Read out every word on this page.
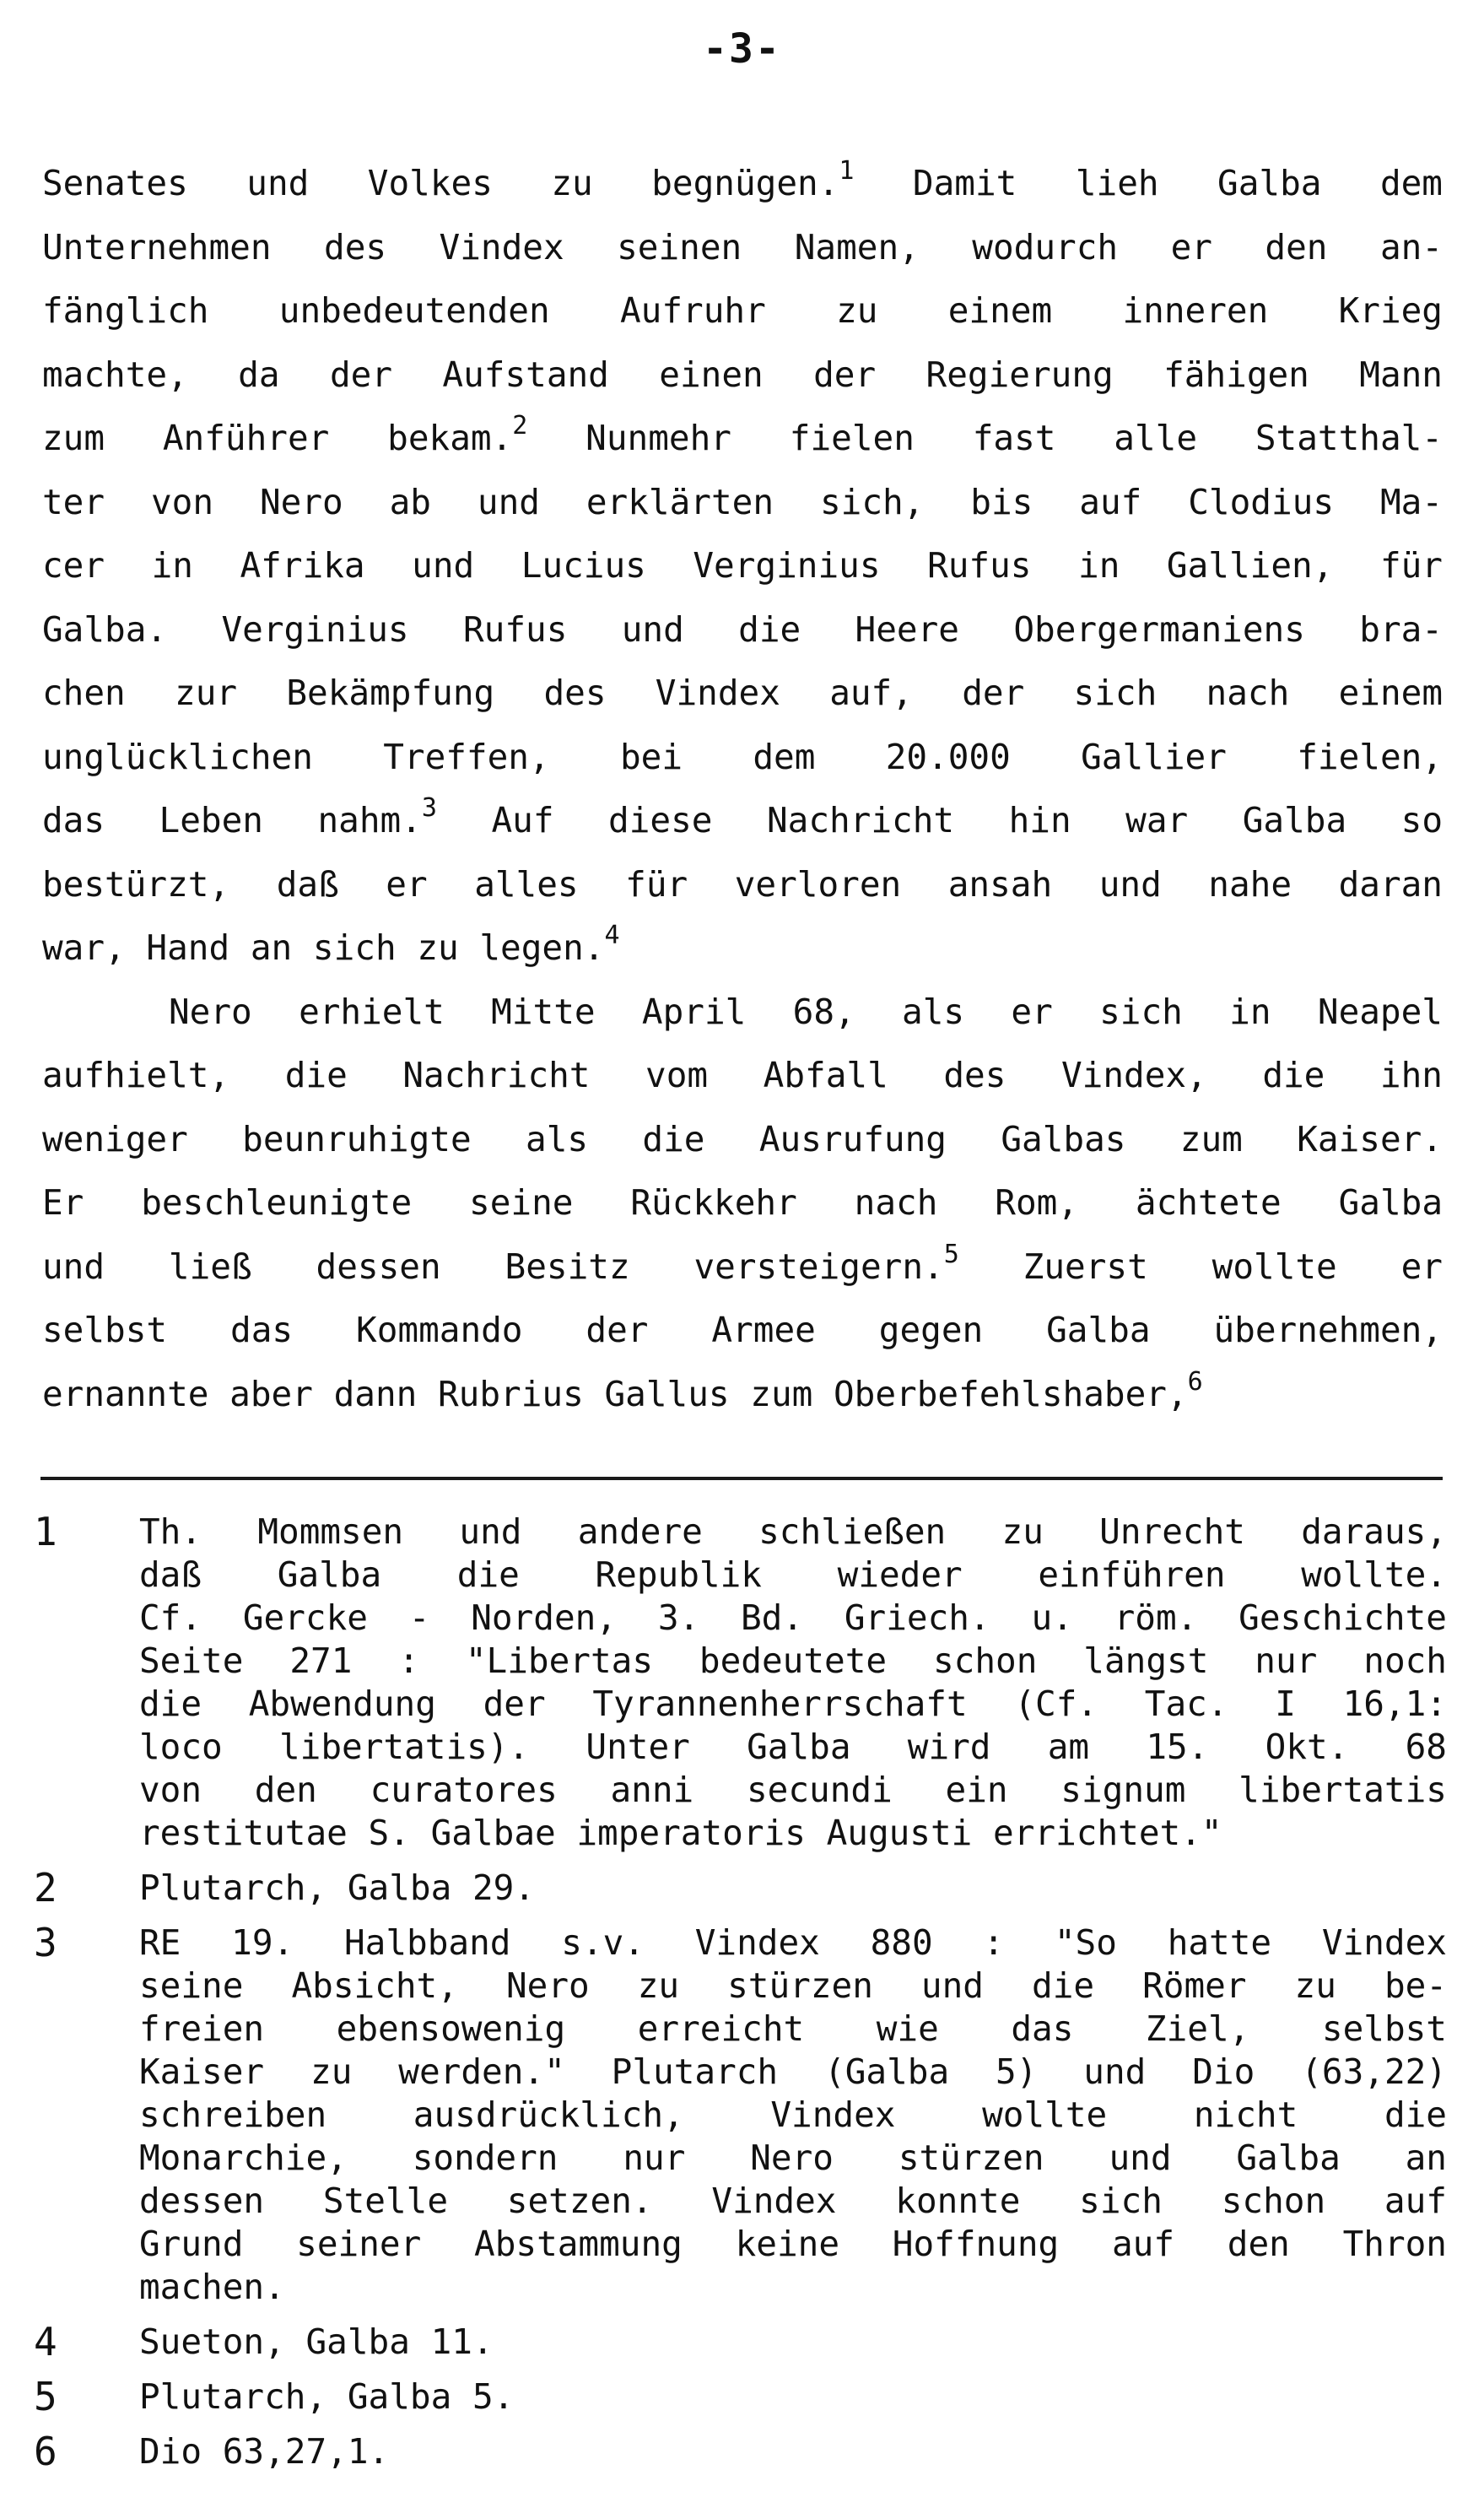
-3-
Senates und Volkes zu begnügen.$^1$ Damit lieh Galba dem
Unternehmen des Vindex seinen Namen, wodurch er den an-
fänglich unbedeutenden Aufruhr zu einem inneren Krieg
machte, da der Aufstand einen der Regierung fähigen Mann
zum Anführer bekam.$^2$ Nunmehr fielen fast alle Statthal-
ter von Nero ab und erklärten sich, bis auf Clodius Ma-
cer in Afrika und Lucius Verginius Rufus in Gallien, für
Galba. Verginius Rufus und die Heere Obergermaniens bra-
chen zur Bekämpfung des Vindex auf, der sich nach einem
unglücklichen Treffen, bei dem 20.000 Gallier fielen,
das Leben nahm.$^3$ Auf diese Nachricht hin war Galba so
bestürzt, daß er alles für verloren ansah und nahe daran
war, Hand an sich zu legen.$^4$
Nero erhielt Mitte April 68, als er sich in Neapel
aufhielt, die Nachricht vom Abfall des Vindex, die ihn
weniger beunruhigte als die Ausrufung Galbas zum Kaiser.
Er beschleunigte seine Rückkehr nach Rom, ächtete Galba
und ließ dessen Besitz versteigern.$^5$ Zuerst wollte er
selbst das Kommando der Armee gegen Galba übernehmen,
ernannte aber dann Rubrius Gallus zum Oberbefehlshaber,$^6$
1	Th. Mommsen und andere schließen zu Unrecht daraus,
daß Galba die Republik wieder einführen wollte.
Cf. Gercke - Norden, 3. Bd. Griech. u. röm. Geschichte
Seite 271 : "Libertas bedeutete schon längst nur noch
die Abwendung der Tyrannenherrschaft (Cf. Tac. I 16,1:
loco libertatis). Unter Galba wird am 15. Okt. 68
von den curatores anni secundi ein signum libertatis
restitutae S. Galbae imperatoris Augusti errichtet."
2	Plutarch, Galba 29.
3	RE 19. Halbband s.v. Vindex 880 : "So hatte Vindex
seine Absicht, Nero zu stürzen und die Römer zu be-
freien ebensowenig erreicht wie das Ziel, selbst
Kaiser zu werden." Plutarch (Galba 5) und Dio (63,22)
schreiben ausdrücklich, Vindex wollte nicht die
Monarchie, sondern nur Nero stürzen und Galba an
dessen Stelle setzen. Vindex konnte sich schon auf
Grund seiner Abstammung keine Hoffnung auf den Thron
machen.
4	Sueton, Galba 11.
5	Plutarch, Galba 5.
6	Dio 63,27,1.
